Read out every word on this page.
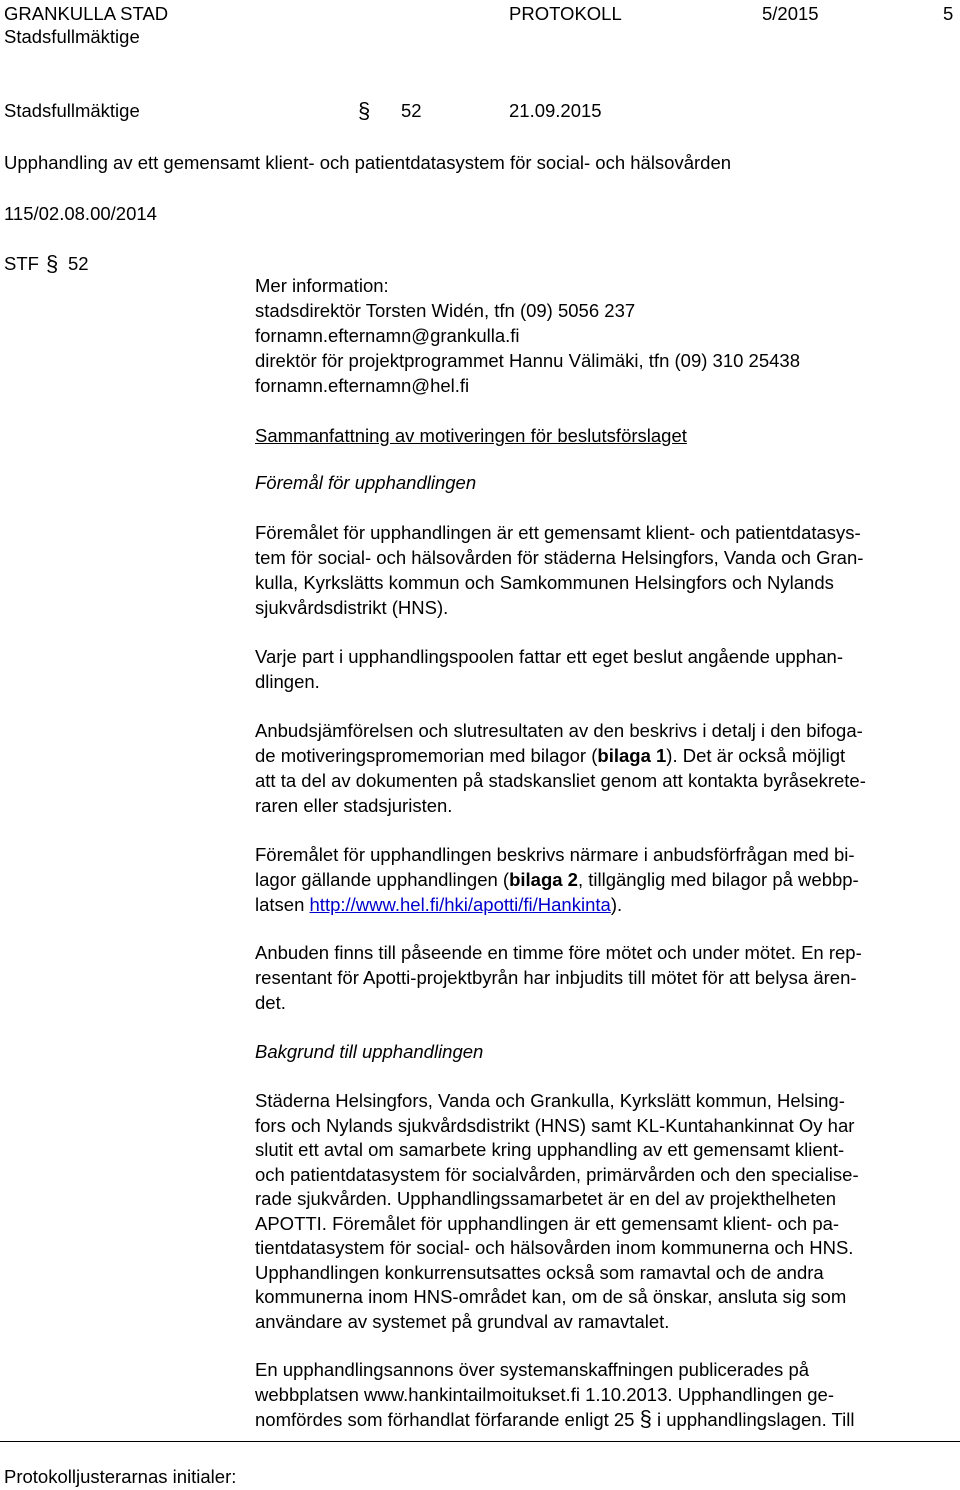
GRANKULLA STAD
Stadsfullmäktige
PROTOKOLL	5/2015	5
Stadsfullmäktige	§ 52	21.09.2015
Upphandling av ett gemensamt klient- och patientdatasystem för social- och hälsovården
115/02.08.00/2014
STF § 52
Mer information:
stadsdirektör Torsten Widén, tfn (09) 5056 237
fornamn.efternamn@grankulla.fi
direktör för projektprogrammet Hannu Välimäki, tfn (09) 310 25438
fornamn.efternamn@hel.fi
Sammanfattning av motiveringen för beslutsförslaget
Föremål för upphandlingen
Föremålet för upphandlingen är ett gemensamt klient- och patientdatasys-
tem för social- och hälsovården för städerna Helsingfors, Vanda och Gran-
kulla, Kyrkslätts kommun och Samkommunen Helsingfors och Nylands
sjukvårdsdistrikt (HNS).
Varje part i upphandlingspoolen fattar ett eget beslut angående upphan-
dlingen.
Anbudsjämförelsen och slutresultaten av den beskrivs i detalj i den bifoga-
de motiveringspromemorian med bilagor (bilaga 1). Det är också möjligt
att ta del av dokumenten på stadskansliet genom att kontakta byråsekrete-
raren eller stadsjuristen.
Föremålet för upphandlingen beskrivs närmare i anbudsförfrågan med bi-
lagor gällande upphandlingen (bilaga 2, tillgänglig med bilagor på webbp-
latsen http://www.hel.fi/hki/apotti/fi/Hankinta).
Anbuden finns till påseende en timme före mötet och under mötet. En rep-
resentant för Apotti-projektbyrån har inbjudits till mötet för att belysa ären-
det.
Bakgrund till upphandlingen
Städerna Helsingfors, Vanda och Grankulla, Kyrkslätt kommun, Helsing-
fors och Nylands sjukvårdsdistrikt (HNS) samt KL-Kuntahankinnat Oy har
slutit ett avtal om samarbete kring upphandling av ett gemensamt klient-
och patientdatasystem för socialvården, primärvården och den specialise-
rade sjukvården. Upphandlingssamarbetet är en del av projekthelheten
APOTTI. Föremålet för upphandlingen är ett gemensamt klient- och pa-
tientdatasystem för social- och hälsovården inom kommunerna och HNS.
Upphandlingen konkurrensutsattes också som ramavtal och de andra
kommunerna inom HNS-området kan, om de så önskar, ansluta sig som
användare av systemet på grundval av ramavtalet.
En upphandlingsannons över systemanskaffningen publicerades på
webbplatsen www.hankintailmoitukset.fi 1.10.2013. Upphandlingen ge-
nomfördes som förhandlat förfarande enligt 25 § i upphandlingslagen. Till
Protokolljusterarnas initialer:
